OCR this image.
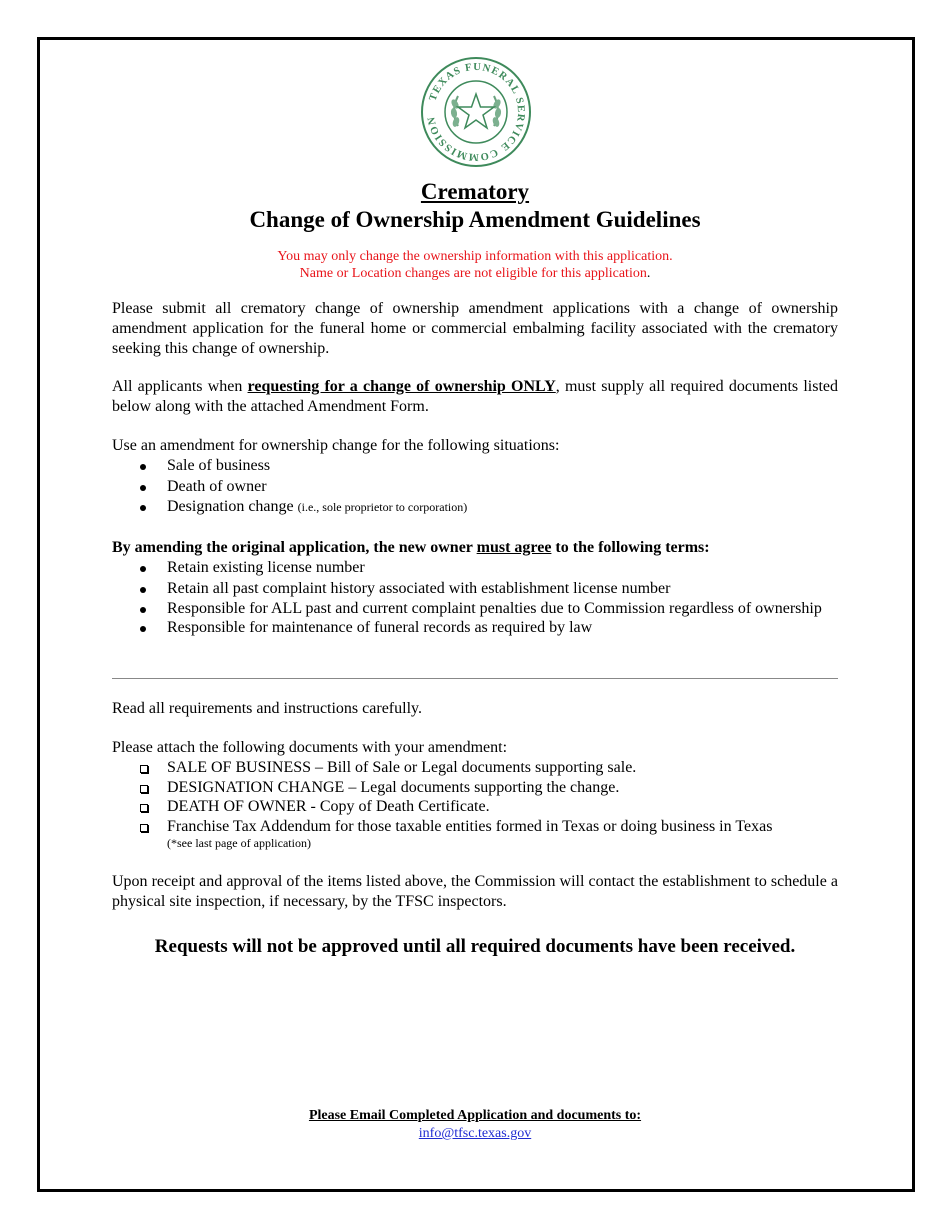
TEXAS FUNERAL SERVICE COMMISSION
Crematory
Change of Ownership Amendment Guidelines
You may only change the ownership information with this application.
Name or Location changes are not eligible for this application.
Please submit all crematory change of ownership amendment applications with a change of ownership amendment application for the funeral home or commercial embalming facility associated with the crematory seeking this change of ownership.
All applicants when requesting for a change of ownership ONLY, must supply all required documents listed below along with the attached Amendment Form.
Use an amendment for ownership change for the following situations:
Sale of business
Death of owner
Designation change (i.e., sole proprietor to corporation)
By amending the original application, the new owner must agree to the following terms:
Retain existing license number
Retain all past complaint history associated with establishment license number
Responsible for ALL past and current complaint penalties due to Commission regardless of ownership
Responsible for maintenance of funeral records as required by law
Read all requirements and instructions carefully.
Please attach the following documents with your amendment:
SALE OF BUSINESS – Bill of Sale or Legal documents supporting sale.
DESIGNATION CHANGE – Legal documents supporting the change.
DEATH OF OWNER - Copy of Death Certificate.
Franchise Tax Addendum for those taxable entities formed in Texas or doing business in Texas
(*see last page of application)
Upon receipt and approval of the items listed above, the Commission will contact the establishment to schedule a physical site inspection, if necessary, by the TFSC inspectors.
Requests will not be approved until all required documents have been received.
Please Email Completed Application and documents to:
info@tfsc.texas.gov
